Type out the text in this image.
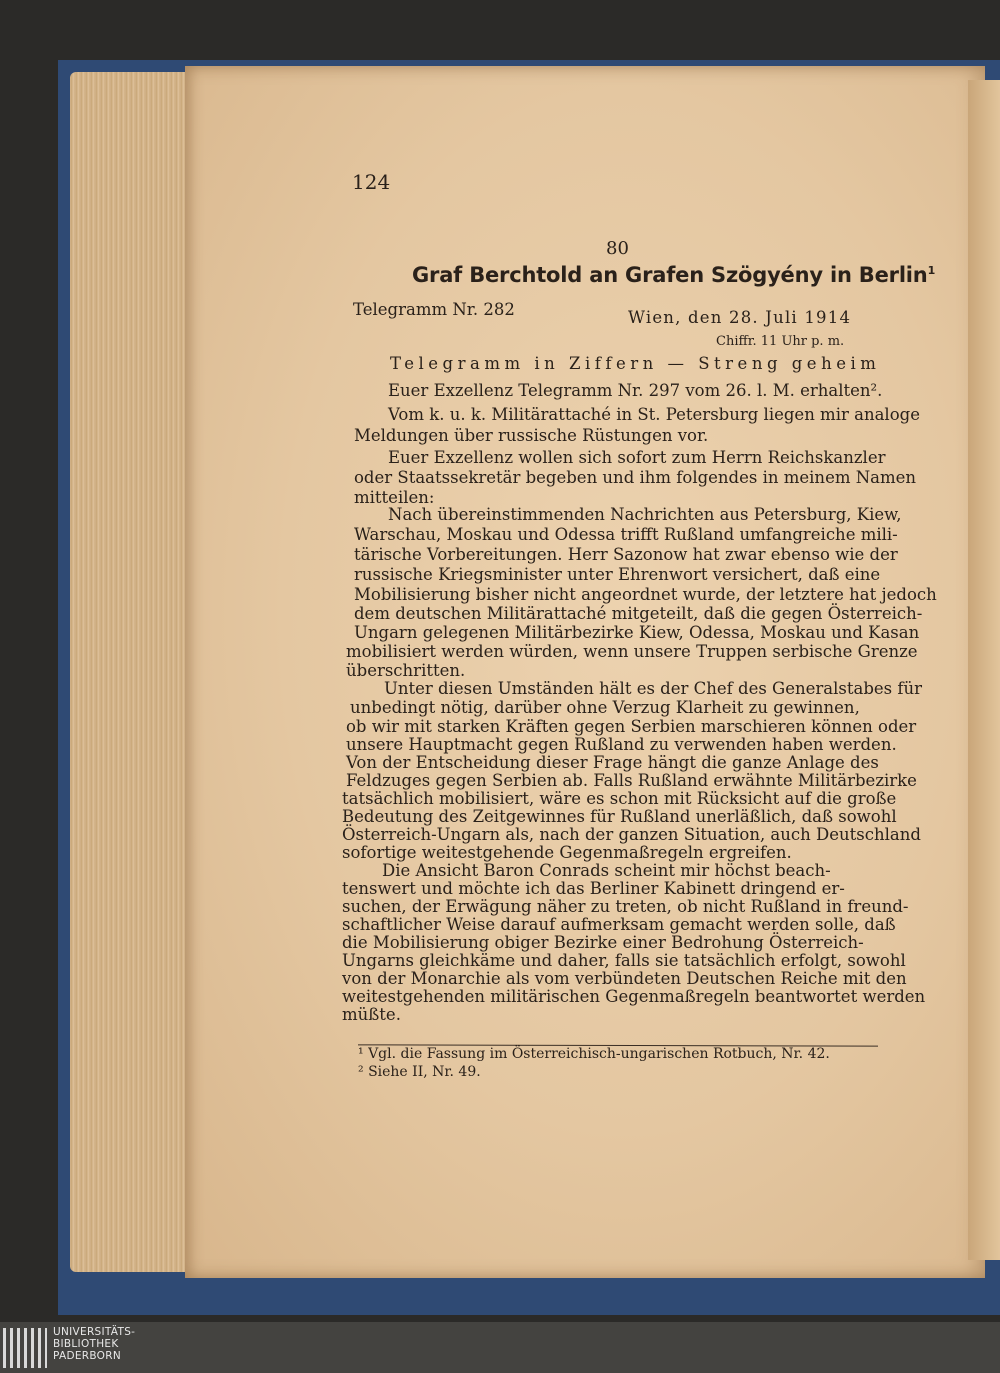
124
80
Graf Berchtold an Grafen Szögyény in Berlin$^1$
Telegramm Nr. 282	Wien, den 28. Juli 1914
Chiffr. 11 Uhr p. m.
Telegramm in Ziffern — Streng geheim
Euer Exzellenz Telegramm Nr. 297 vom 26. l. M. erhalten².
Vom k. u. k. Militärattaché in St. Petersburg liegen mir analoge
Meldungen über russische Rüstungen vor.
Euer Exzellenz wollen sich sofort zum Herrn Reichskanzler
oder Staatssekretär begeben und ihm folgendes in meinem Namen
mitteilen:
Nach übereinstimmenden Nachrichten aus Petersburg, Kiew,
Warschau, Moskau und Odessa trifft Rußland umfangreiche mili-
tärische Vorbereitungen. Herr Sazonow hat zwar ebenso wie der
russische Kriegsminister unter Ehrenwort versichert, daß eine
Mobilisierung bisher nicht angeordnet wurde, der letztere hat jedoch
dem deutschen Militärattaché mitgeteilt, daß die gegen Österreich-
Ungarn gelegenen Militärbezirke Kiew, Odessa, Moskau und Kasan
mobilisiert werden würden, wenn unsere Truppen serbische Grenze
überschritten.
Unter diesen Umständen hält es der Chef des Generalstabes für
unbedingt nötig, darüber ohne Verzug Klarheit zu gewinnen,
ob wir mit starken Kräften gegen Serbien marschieren können oder
unsere Hauptmacht gegen Rußland zu verwenden haben werden.
Von der Entscheidung dieser Frage hängt die ganze Anlage des
Feldzuges gegen Serbien ab. Falls Rußland erwähnte Militärbezirke
tatsächlich mobilisiert, wäre es schon mit Rücksicht auf die große
Bedeutung des Zeitgewinnes für Rußland unerläßlich, daß sowohl
Österreich-Ungarn als, nach der ganzen Situation, auch Deutschland
sofortige weitestgehende Gegenmaßregeln ergreifen.
Die Ansicht Baron Conrads scheint mir höchst beach-
tenswert und möchte ich das Berliner Kabinett dringend er-
suchen, der Erwägung näher zu treten, ob nicht Rußland in freund-
schaftlicher Weise darauf aufmerksam gemacht werden solle, daß
die Mobilisierung obiger Bezirke einer Bedrohung Österreich-
Ungarns gleichkäme und daher, falls sie tatsächlich erfolgt, sowohl
von der Monarchie als vom verbündeten Deutschen Reiche mit den
weitestgehenden militärischen Gegenmaßregeln beantwortet werden
müßte.
¹ Vgl. die Fassung im Österreichisch-ungarischen Rotbuch, Nr. 42.
² Siehe II, Nr. 49.
UNIVERSITÄTS-
BIBLIOTHEK
PADERBORN
